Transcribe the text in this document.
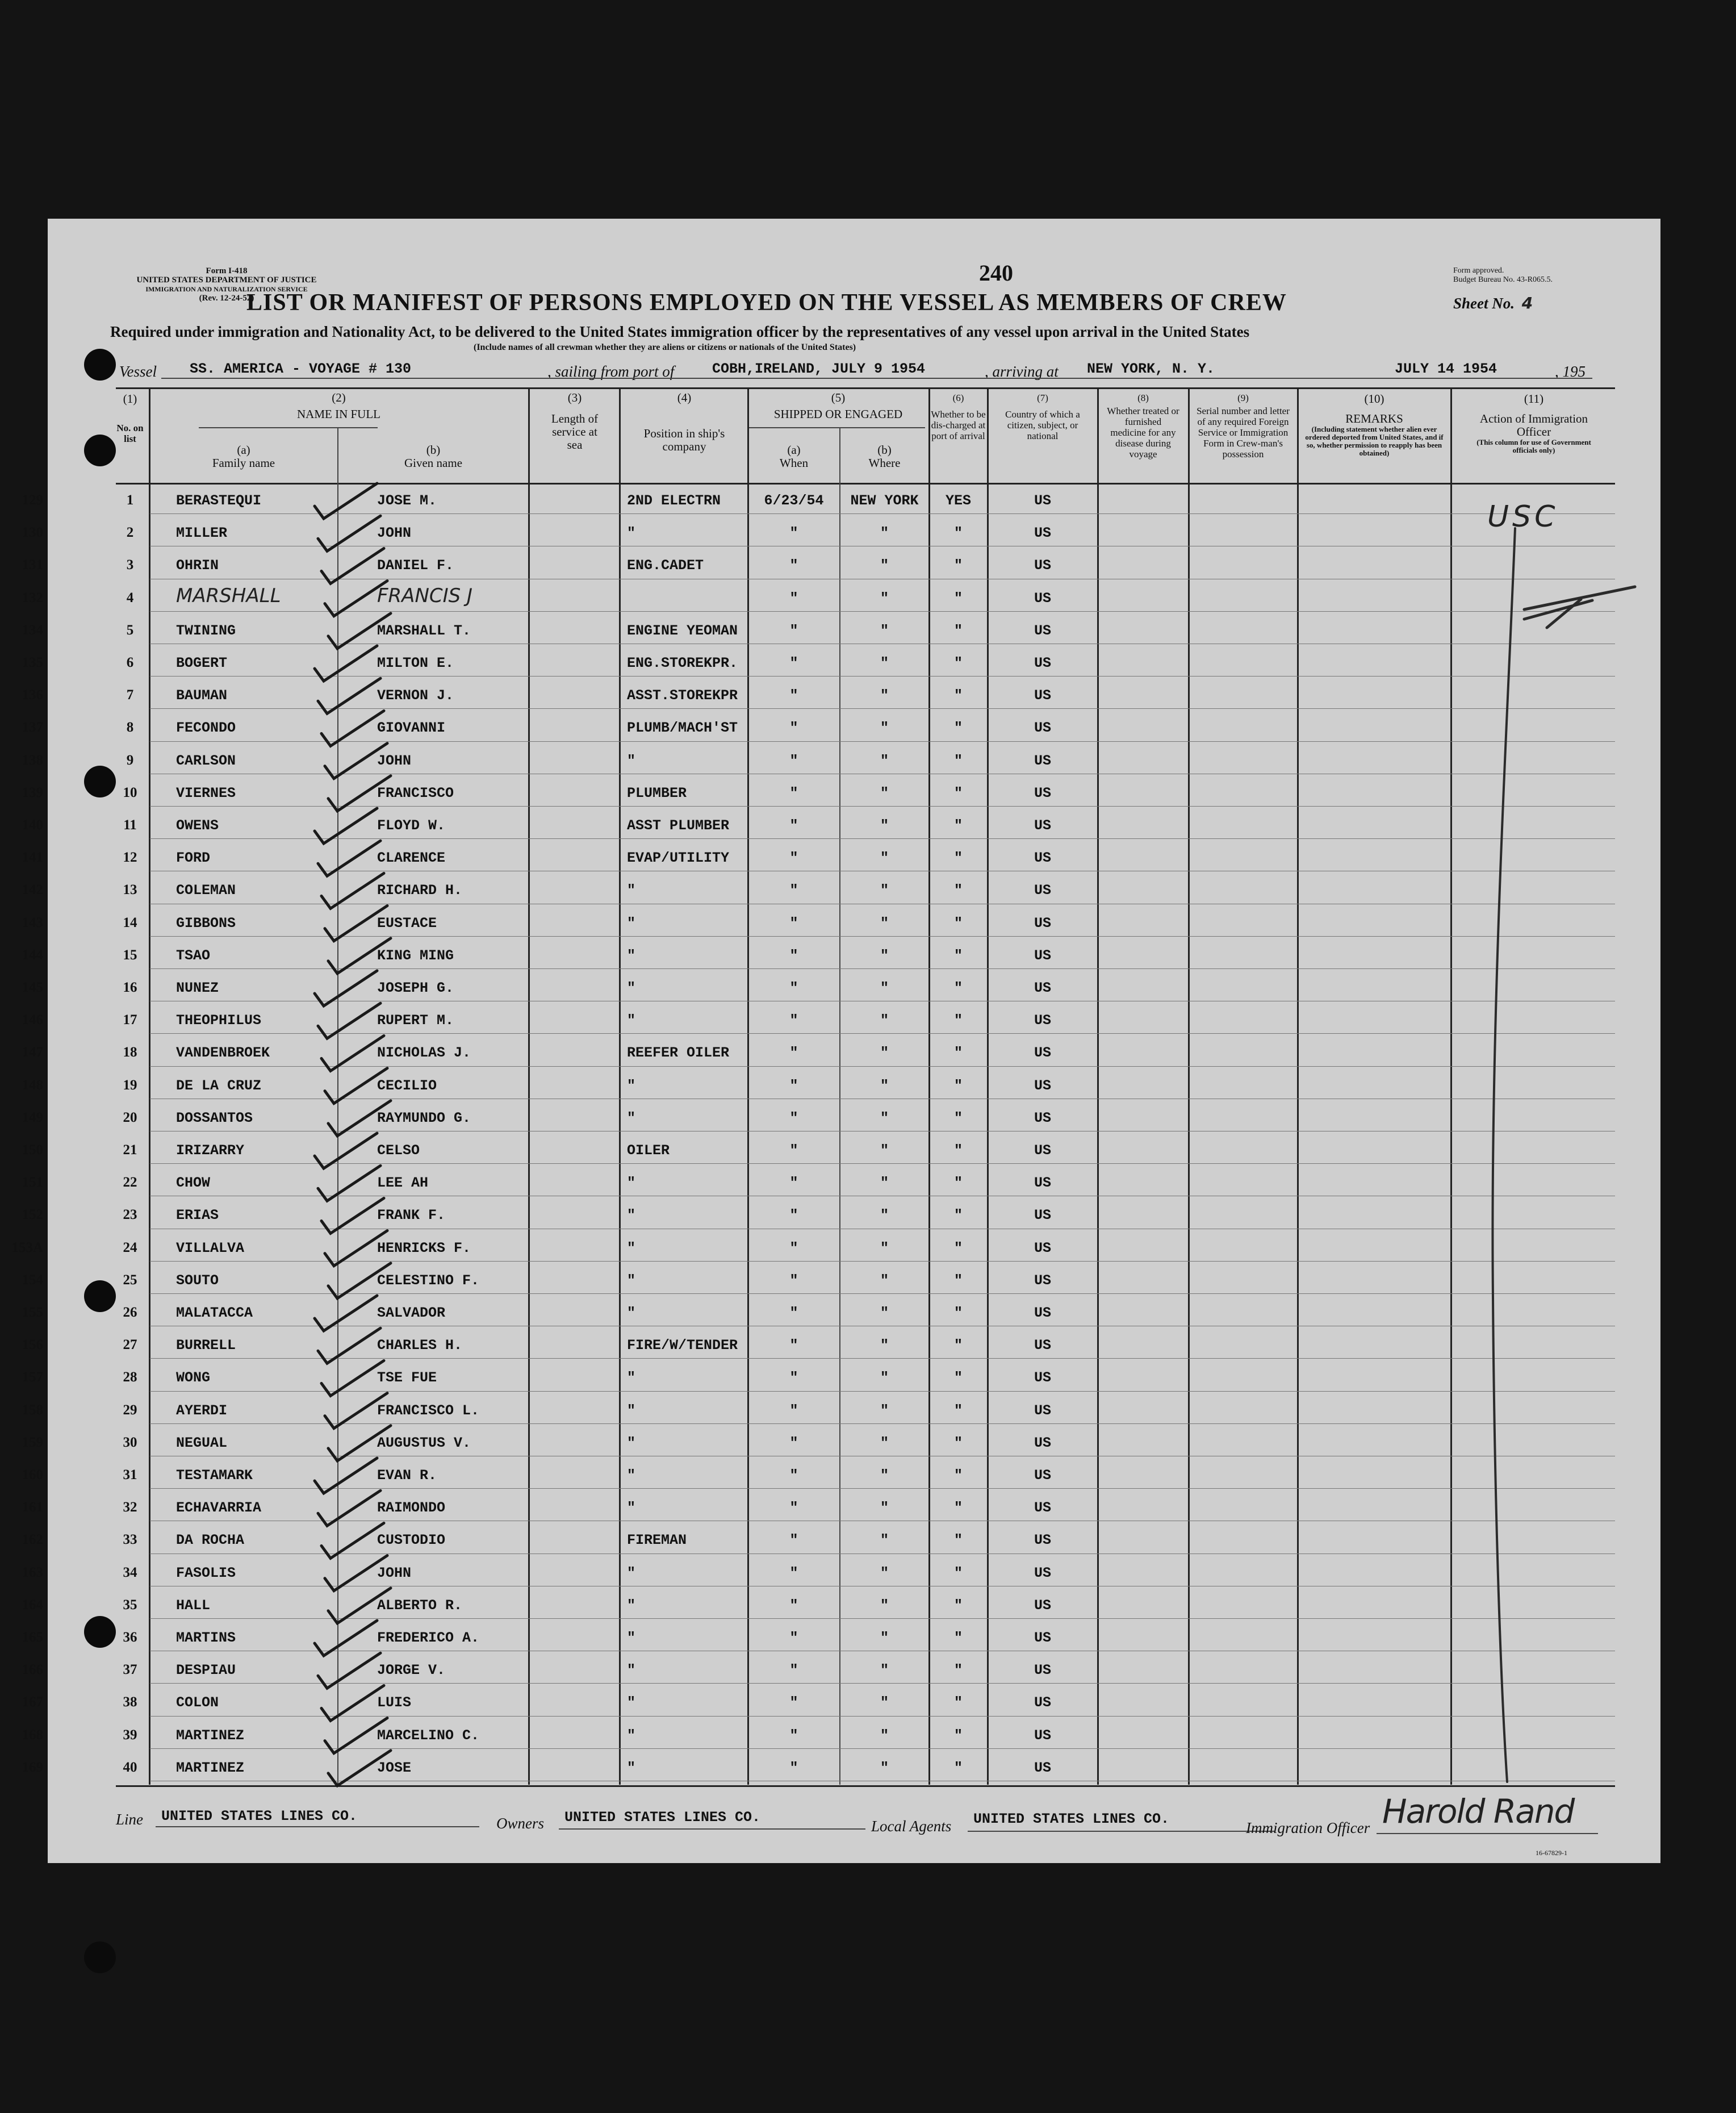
Form I-418
UNITED STATES DEPARTMENT OF JUSTICE
IMMIGRATION AND NATURALIZATION SERVICE
(Rev. 12-24-52)
240	Form approved.
Budget Bureau No. 43-R065.5.
LIST OR MANIFEST OF PERSONS EMPLOYED ON THE VESSEL AS MEMBERS OF CREW	Sheet No. 4
Required under immigration and Nationality Act, to be delivered to the United States immigration officer by the representatives of any vessel upon arrival in the United States
(Include names of all crewman whether they are aliens or citizens or nationals of the United States)
Vessel SS. AMERICA - VOYAGE # 130	, sailing from port of	COBH,IRELAND, JULY 9 1954	, arriving at NEW YORK, N. Y.	JULY 14 1954	, 195
(1)
No. on list
(2)
NAME IN FULL
(a)
Family name
(b)
Given name
(3)
Length of service at sea
(4)
Position in ship's company
(5)
SHIPPED OR ENGAGED
(a)
When
(b)
Where
(6)
Whether to be dis-charged at port of arrival
(7)
Country of which a citizen, subject, or national
(8)
Whether treated or furnished medicine for any disease during voyage
(9)
Serial number and letter of any required Foreign Service or Immigration Form in Crew-man's possession
(10)
REMARKS
(Including statement whether alien ever ordered deported from United States, and if so, whether permission to reapply has been obtained)
(11)
Action of Immigration Officer
(This column for use of Government officials only)
129	1	BERASTEQUI	JOSE M.	2ND ELECTRN	6/23/54	NEW YORK	YES	US
130	2	MILLER	JOHN	"	"	"	"	US
131	3	OHRIN	DANIEL F.	ENG.CADET	"	"	"	US
132	4	MARSHALL	FRANCIS J	"	"	"	US
134	5	TWINING	MARSHALL T.	ENGINE YEOMAN	"	"	"	US
135	6	BOGERT	MILTON E.	ENG.STOREKPR.	"	"	"	US
136	7	BAUMAN	VERNON J.	ASST.STOREKPR	"	"	"	US
137	8	FECONDO	GIOVANNI	PLUMB/MACH'ST	"	"	"	US
138	9	CARLSON	JOHN	"	"	"	"	US
139	10	VIERNES	FRANCISCO	PLUMBER	"	"	"	US
140	11	OWENS	FLOYD W.	ASST PLUMBER	"	"	"	US
141	12	FORD	CLARENCE	EVAP/UTILITY	"	"	"	US
142	13	COLEMAN	RICHARD H.	"	"	"	"	US
143	14	GIBBONS	EUSTACE	"	"	"	"	US
144	15	TSAO	KING MING	"	"	"	"	US
145	16	NUNEZ	JOSEPH G.	"	"	"	"	US
146	17	THEOPHILUS	RUPERT M.	"	"	"	"	US
147	18	VANDENBROEK	NICHOLAS J.	REEFER OILER	"	"	"	US
148	19	DE LA CRUZ	CECILIO	"	"	"	"	US
149	20	DOSSANTOS	RAYMUNDO G.	"	"	"	"	US
150	21	IRIZARRY	CELSO	OILER	"	"	"	US
151	22	CHOW	LEE AH	"	"	"	"	US
152	23	ERIAS	FRANK F.	"	"	"	"	US
153A	24	VILLALVA	HENRICKS F.	"	"	"	"	US
154	25	SOUTO	CELESTINO F.	"	"	"	"	US
155	26	MALATACCA	SALVADOR	"	"	"	"	US
156	27	BURRELL	CHARLES H.	FIRE/W/TENDER	"	"	"	US
157	28	WONG	TSE FUE	"	"	"	"	US
158	29	AYERDI	FRANCISCO L.	"	"	"	"	US
159	30	NEGUAL	AUGUSTUS V.	"	"	"	"	US
160	31	TESTAMARK	EVAN R.	"	"	"	"	US
161	32	ECHAVARRIA	RAIMONDO	"	"	"	"	US
162	33	DA ROCHA	CUSTODIO	FIREMAN	"	"	"	US
163	34	FASOLIS	JOHN	"	"	"	"	US
164	35	HALL	ALBERTO R.	"	"	"	"	US
165	36	MARTINS	FREDERICO A.	"	"	"	"	US
166	37	DESPIAU	JORGE V.	"	"	"	"	US
167	38	COLON	LUIS	"	"	"	"	US
168	39	MARTINEZ	MARCELINO C.	"	"	"	"	US
169	40	MARTINEZ	JOSE	"	"	"	"	US
USC
Line UNITED STATES LINES CO.	Owners UNITED STATES LINES CO.
Local Agents UNITED STATES LINES CO.
Immigration Officer Harold Rand
16-67829-1
